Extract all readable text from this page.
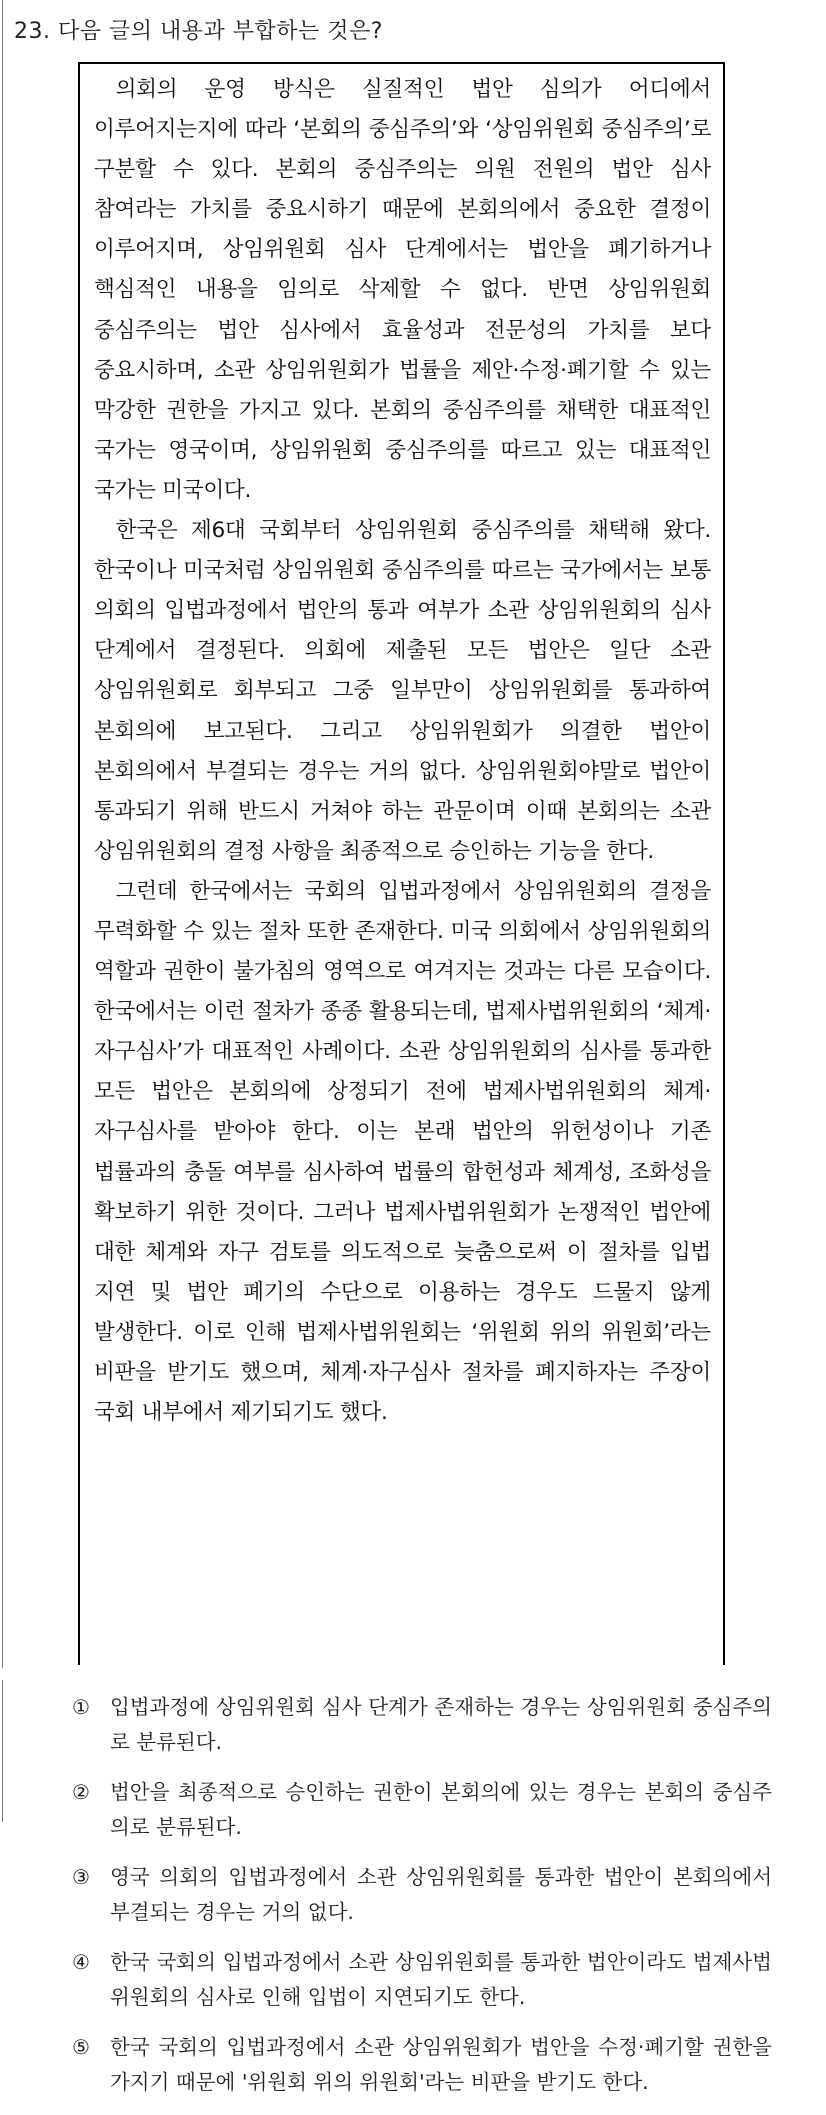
23. 다음 글의 내용과 부합하는 것은?

의회의 운영 방식은 실질적인 법안 심의가 어디에서 이루어지는지에 따라 ‘본회의 중심주의’와 ‘상임위원회 중심주의’로 구분할 수 있다. 본회의 중심주의는 의원 전원의 법안 심사 참여라는 가치를 중요시하기 때문에 본회의에서 중요한 결정이 이루어지며, 상임위원회 심사 단계에서는 법안을 폐기하거나 핵심적인 내용을 임의로 삭제할 수 없다. 반면 상임위원회 중심주의는 법안 심사에서 효율성과 전문성의 가치를 보다 중요시하며, 소관 상임위원회가 법률을 제안·수정·폐기할 수 있는 막강한 권한을 가지고 있다. 본회의 중심주의를 채택한 대표적인 국가는 영국이며, 상임위원회 중심주의를 따르고 있는 대표적인 국가는 미국이다.

한국은 제6대 국회부터 상임위원회 중심주의를 채택해 왔다. 한국이나 미국처럼 상임위원회 중심주의를 따르는 국가에서는 보통 의회의 입법과정에서 법안의 통과 여부가 소관 상임위원회의 심사 단계에서 결정된다. 의회에 제출된 모든 법안은 일단 소관 상임위원회로 회부되고 그중 일부만이 상임위원회를 통과하여 본회의에 보고된다. 그리고 상임위원회가 의결한 법안이 본회의에서 부결되는 경우는 거의 없다. 상임위원회야말로 법안이 통과되기 위해 반드시 거쳐야 하는 관문이며 이때 본회의는 소관 상임위원회의 결정 사항을 최종적으로 승인하는 기능을 한다.

그런데 한국에서는 국회의 입법과정에서 상임위원회의 결정을 무력화할 수 있는 절차 또한 존재한다. 미국 의회에서 상임위원회의 역할과 권한이 불가침의 영역으로 여겨지는 것과는 다른 모습이다. 한국에서는 이런 절차가 종종 활용되는데, 법제사법위원회의 ‘체계·자구심사’가 대표적인 사례이다. 소관 상임위원회의 심사를 통과한 모든 법안은 본회의에 상정되기 전에 법제사법위원회의 체계·자구심사를 받아야 한다. 이는 본래 법안의 위헌성이나 기존 법률과의 충돌 여부를 심사하여 법률의 합헌성과 체계성, 조화성을 확보하기 위한 것이다. 그러나 법제사법위원회가 논쟁적인 법안에 대한 체계와 자구 검토를 의도적으로 늦춤으로써 이 절차를 입법 지연 및 법안 폐기의 수단으로 이용하는 경우도 드물지 않게 발생한다. 이로 인해 법제사법위원회는 ‘위원회 위의 위원회’라는 비판을 받기도 했으며, 체계·자구심사 절차를 폐지하자는 주장이 국회 내부에서 제기되기도 했다.

① 입법과정에 상임위원회 심사 단계가 존재하는 경우는 상임위원회 중심주의로 분류된다.
② 법안을 최종적으로 승인하는 권한이 본회의에 있는 경우는 본회의 중심주의로 분류된다.
③ 영국 의회의 입법과정에서 소관 상임위원회를 통과한 법안이 본회의에서 부결되는 경우는 거의 없다.
④ 한국 국회의 입법과정에서 소관 상임위원회를 통과한 법안이라도 법제사법위원회의 심사로 인해 입법이 지연되기도 한다.
⑤ 한국 국회의 입법과정에서 소관 상임위원회가 법안을 수정·폐기할 권한을 가지기 때문에 '위원회 위의 위원회'라는 비판을 받기도 한다.
